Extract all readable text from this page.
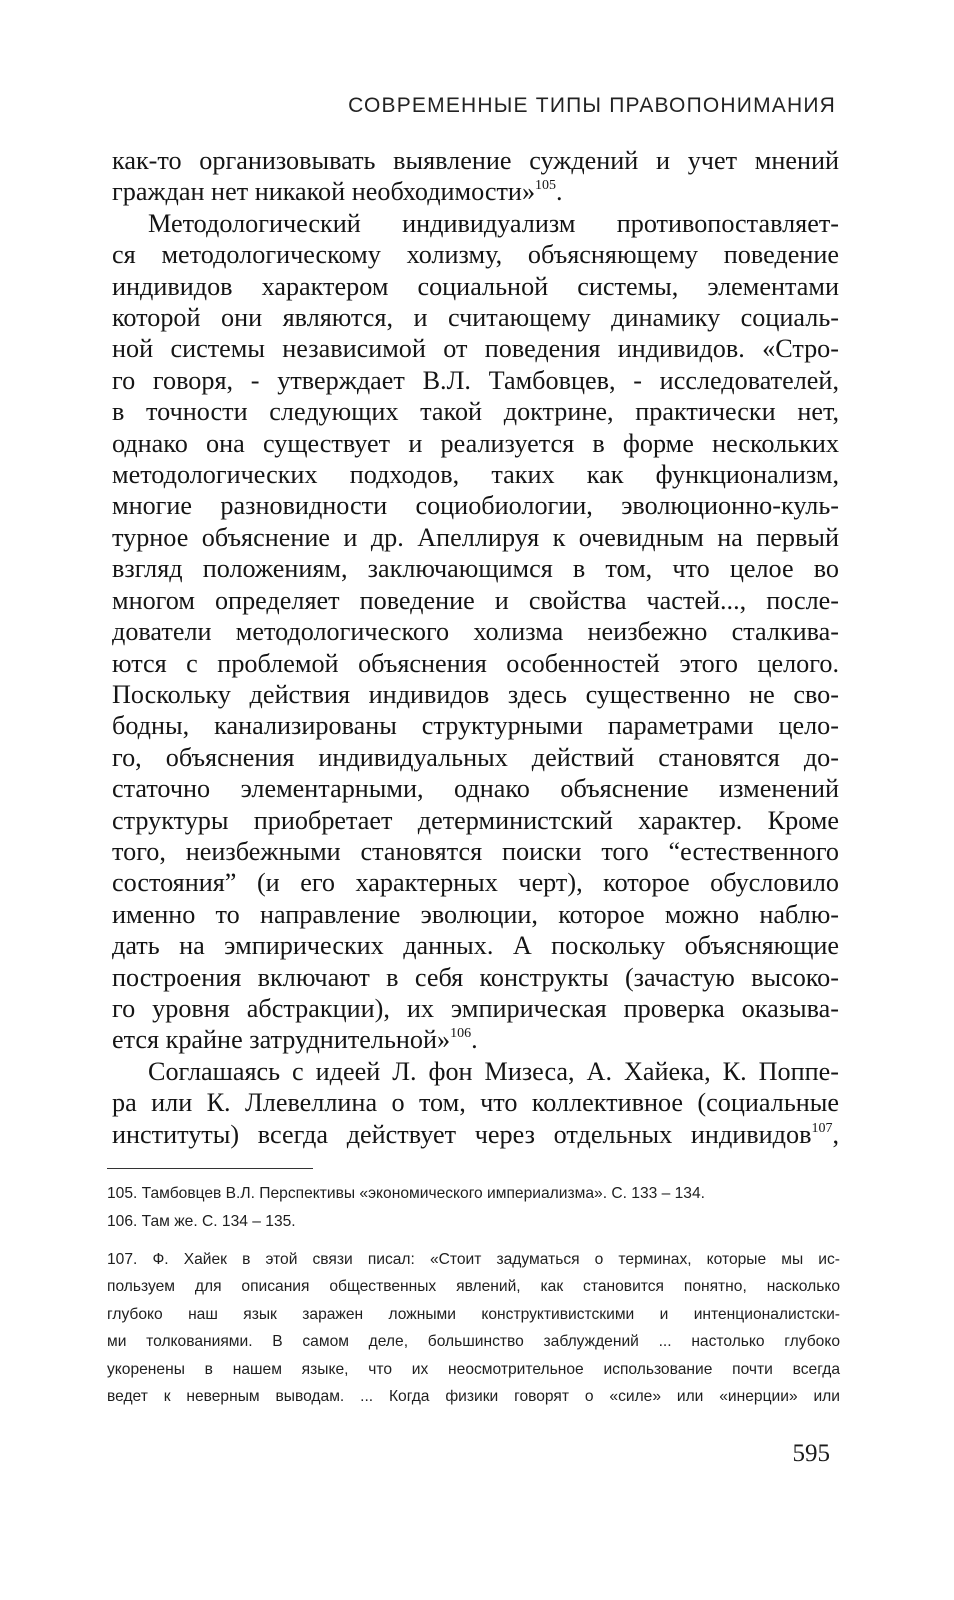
СОВРЕМЕННЫЕ ТИПЫ ПРАВОПОНИМАНИЯ

как-то организовывать выявление суждений и учет мнений

граждан нет никакой необходимости»$^{105}$.

Методологический индивидуализм противопоставляет-

ся методологическому холизму, объясняющему поведение

индивидов характером социальной системы, элементами

которой они являются, и считающему динамику социаль-

ной системы независимой от поведения индивидов. «Стро-

го говоря, - утверждает В.Л. Тамбовцев, - исследователей,

в точности следующих такой доктрине, практически нет,

однако она существует и реализуется в форме нескольких

методологических подходов, таких как функционализм,

многие разновидности социобиологии, эволюционно-куль-

турное объяснение и др. Апеллируя к очевидным на первый

взгляд положениям, заключающимся в том, что целое во

многом определяет поведение и свойства частей..., после-

дователи методологического холизма неизбежно сталкива-

ются с проблемой объяснения особенностей этого целого.

Поскольку действия индивидов здесь существенно не сво-

бодны, канализированы структурными параметрами цело-

го, объяснения индивидуальных действий становятся до-

статочно элементарными, однако объяснение изменений

структуры приобретает детерминистский характер. Кроме

того, неизбежными становятся поиски того “естественного

состояния” (и его характерных черт), которое обусловило

именно то направление эволюции, которое можно наблю-

дать на эмпирических данных. А поскольку объясняющие

построения включают в себя конструкты (зачастую высоко-

го уровня абстракции), их эмпирическая проверка оказыва-

ется крайне затруднительной»$^{106}$.

Соглашаясь с идеей Л. фон Мизеса, А. Хайека, К. Поппе-

ра или К. Ллевеллина о том, что коллективное (социальные

институты) всегда действует через отдельных индивидов$^{107}$,

105. Тамбовцев В.Л. Перспективы «экономического империализма». С. 133 – 134.

106. Там же. С. 134 – 135.

107. Ф. Хайек в этой связи писал: «Стоит задуматься о терминах, которые мы ис-

пользуем для описания общественных явлений, как становится понятно, насколько

глубоко наш язык заражен ложными конструктивистскими и интенционалистски-

ми толкованиями. В самом деле, большинство заблуждений ... настолько глубоко

укоренены в нашем языке, что их неосмотрительное использование почти всегда

ведет к неверным выводам. ... Когда физики говорят о «силе» или «инерции» или

595
